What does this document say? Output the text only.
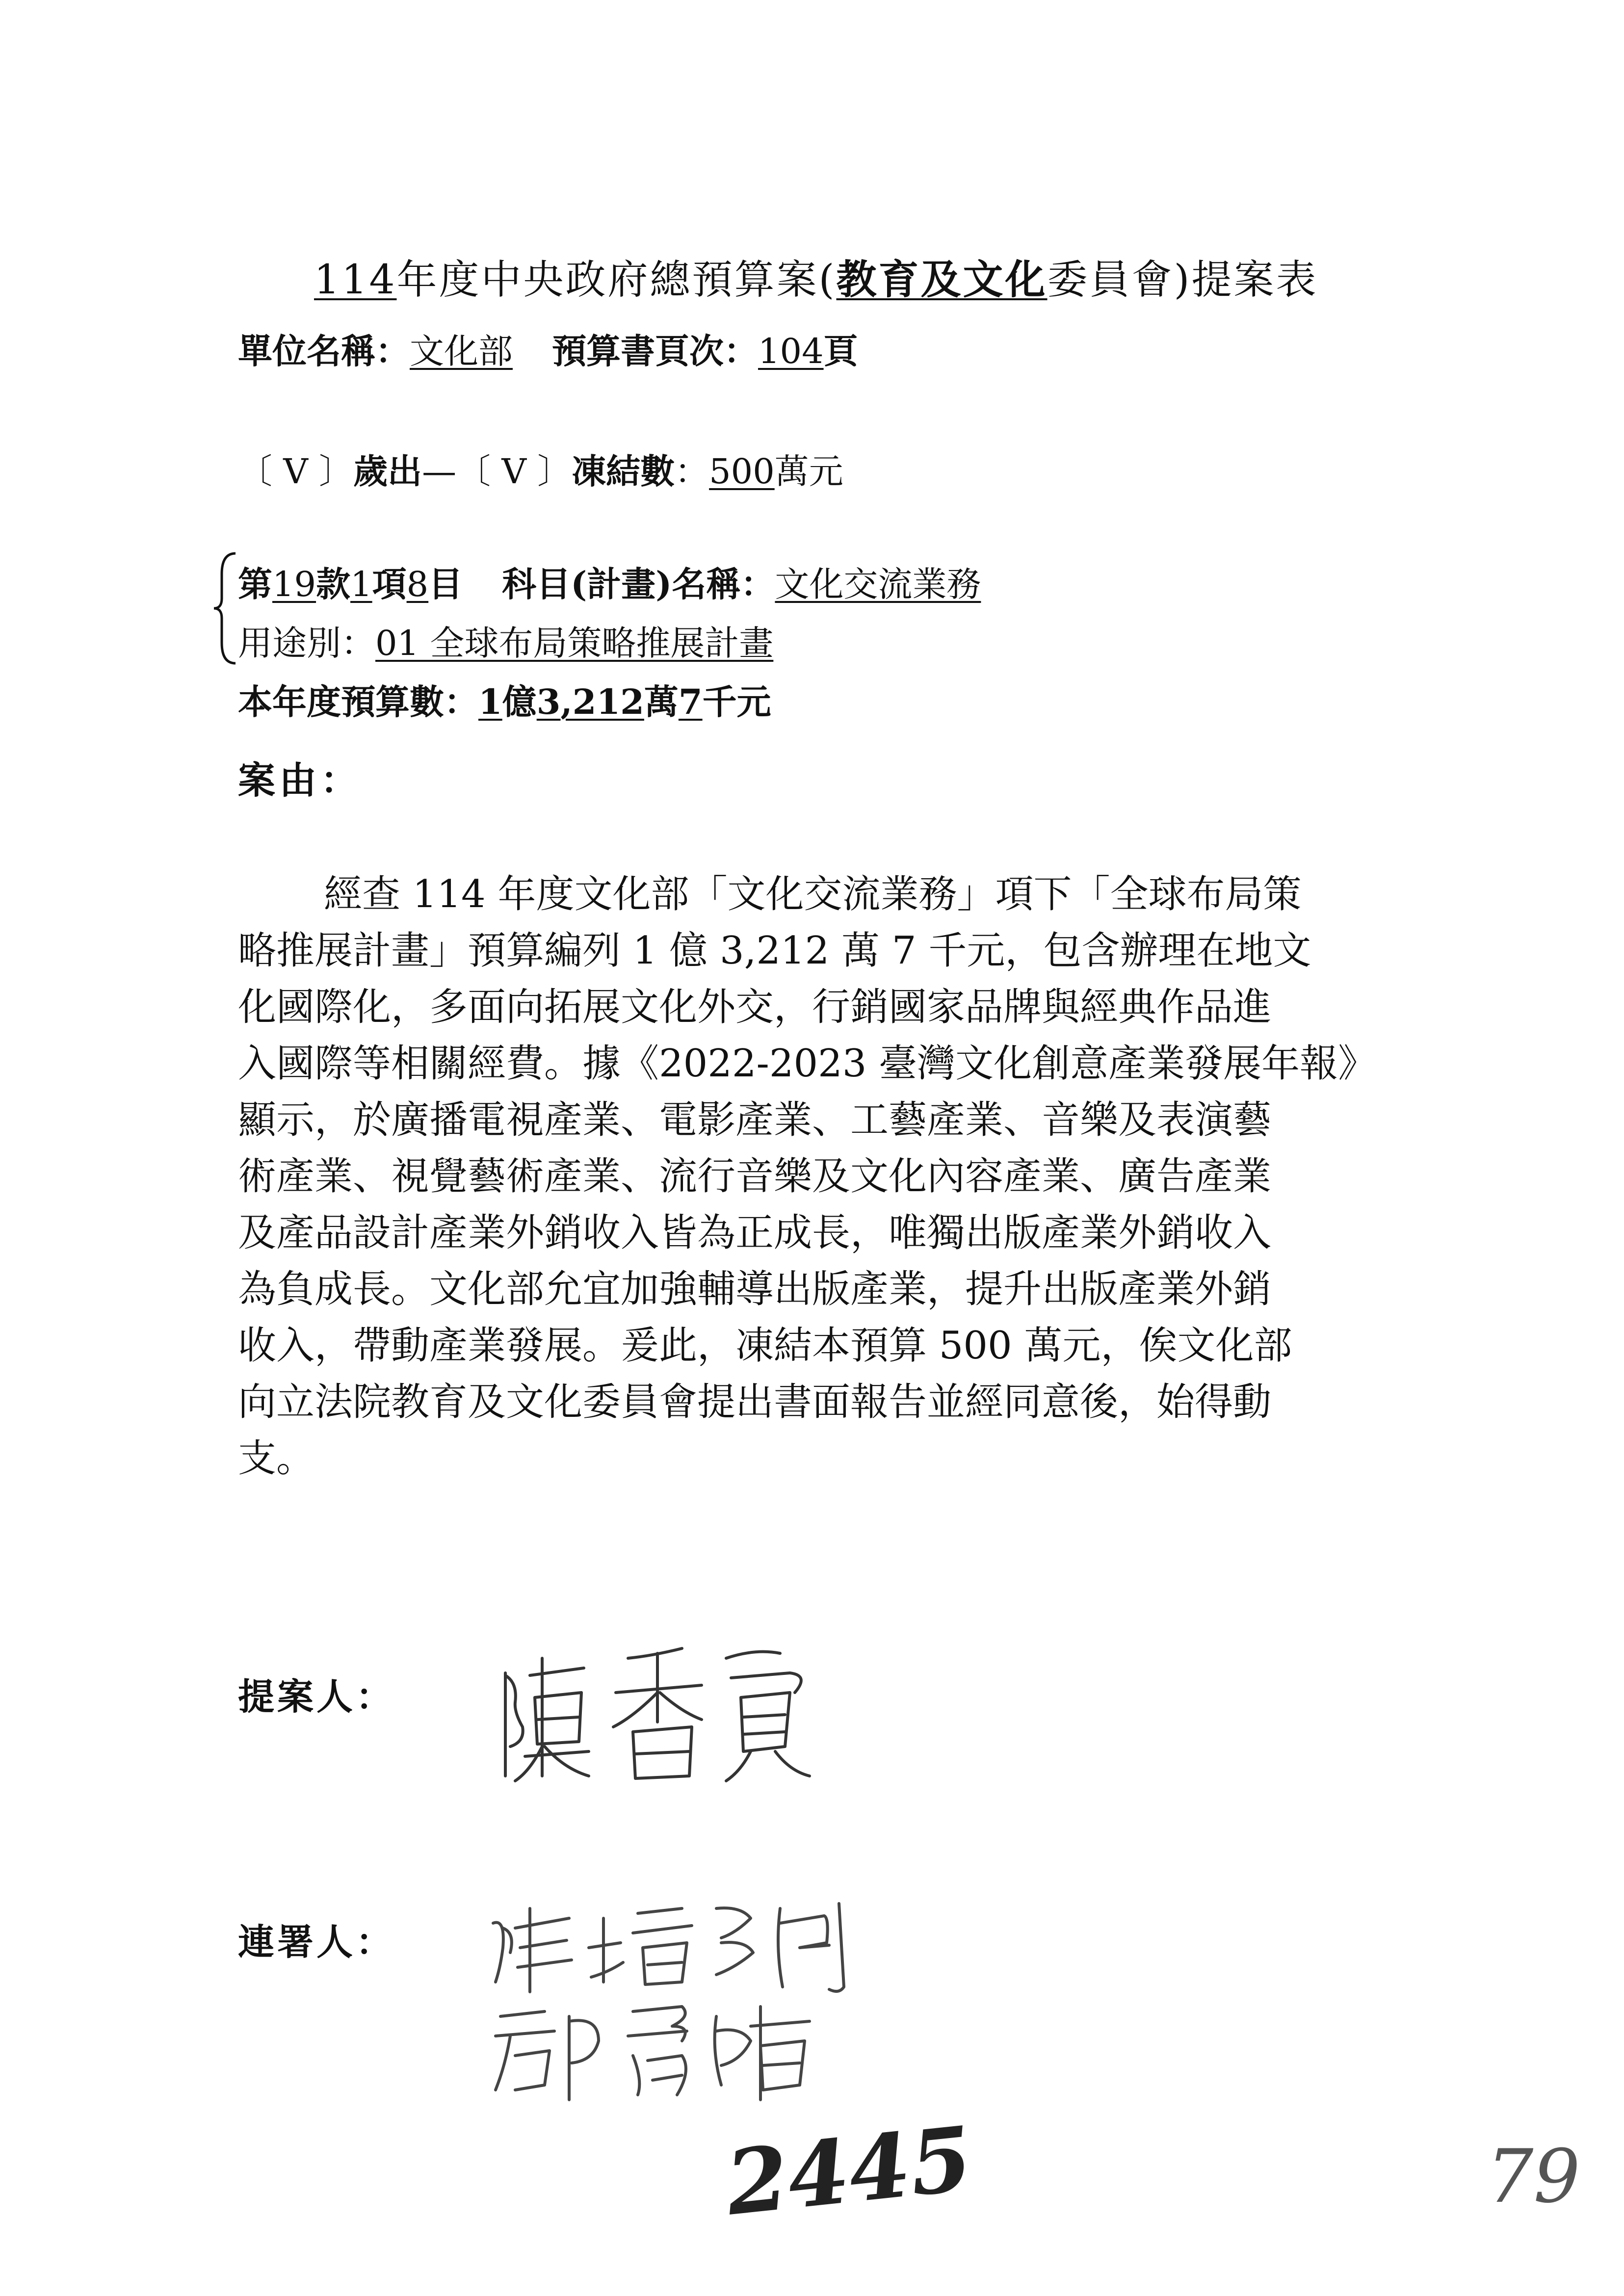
114年度中央政府總預算案(教育及文化委員會)提案表
單位名稱：文化部 預算書頁次：104頁
〔 V 〕歲出—〔 V 〕凍結數：500萬元
第19款1項8目 科目(計畫)名稱：文化交流業務
用途別：01 全球布局策略推展計畫
本年度預算數：1億3,212萬7千元
案由：
經查 114 年度文化部「文化交流業務」項下「全球布局策
略推展計畫」預算編列 1 億 3,212 萬 7 千元，包含辦理在地文
化國際化，多面向拓展文化外交，行銷國家品牌與經典作品進
入國際等相關經費。據《2022-2023 臺灣文化創意產業發展年報》
顯示，於廣播電視產業、電影產業、工藝產業、音樂及表演藝
術產業、視覺藝術產業、流行音樂及文化內容產業、廣告產業
及產品設計產業外銷收入皆為正成長，唯獨出版產業外銷收入
為負成長。文化部允宜加強輔導出版產業，提升出版產業外銷
收入，帶動產業發展。爰此，凍結本預算 500 萬元，俟文化部
向立法院教育及文化委員會提出書面報告並經同意後，始得動
支。
提案人：
連署人：
2445	79
